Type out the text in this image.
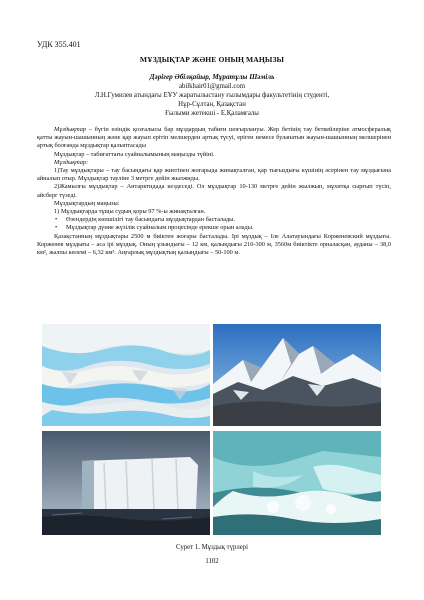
УДК 355.401
МҰЗДЫҚТАР ЖӘНЕ ОНЫҢ МАҢЫЗЫ
Дәріғер Әбілқайыр, Мұратұлы Шәміль
abilkhair01@gmail.com
Л.Н.Гумилев атындағы ЕҰУ жаратылыстану ғылымдары факультетінің студенті,
Нұр-Сұлтан, Қазақстан
Ғылыми жетекші - Е.Қаламғалы

Мұздықтар – бүгін өзіндік қозғалысы бар мұздардың табиғи шоғырлануы. Жер бетінің тау беткейлеріне атмосфералық қатты жауын-шашынның және қар жауып ерітіп мелшерден артық түсуі, еріген немесе буланатын жауын-шашынның мелшерінен артық болғанда мұздықтар қалыптасады

Мұздықтар – табиғаттағы суайналымының маңызды түйіні.

Мұздықтар:

1)Тау мұздықтары – тау басындағы қар жиегінен жоғарыда жинақталған, қар тығыздығы күшінің әсерінен тау мұздығына айналып отыр. Мұздықтар тауліне 3 метрге дейін жылжиды.

2)Жамылғы мұздықтар – Антарктидада кездеседі. Ол мұздықтар 10-130 метрге дейін жылжып, мұхитқа сырғып түсіп, айсберг түзеді.

Мұздықтардың маңызы:

1) Мұздықтарда тұщы судың қоры 97 %-ы жинақталған.

• Өзендердің көпшілігі тау басындағы мұздықтардан басталады.
• Мұздықтар дүние жүзілік суайналым процесінде ерекше орын алады.

Қазақстанның мұздықтары 2500 м биіктен жоғары басталады. Ірі мұздық – Іле Алатауындағы Корженевский мұздығы. Корженев мұздығы – аса ірі мұздық. Оның ұзындығы – 12 км, қалыңдығы 210-300 м, 3560м биіктікте орналасқан, ауданы – 38,0 км², жалпы көлемі – 6,32 км³. Аңғарлық мұздықтың қалыңдығы – 50-100 м.

Сурет 1. Мұздық түрлері
1102
